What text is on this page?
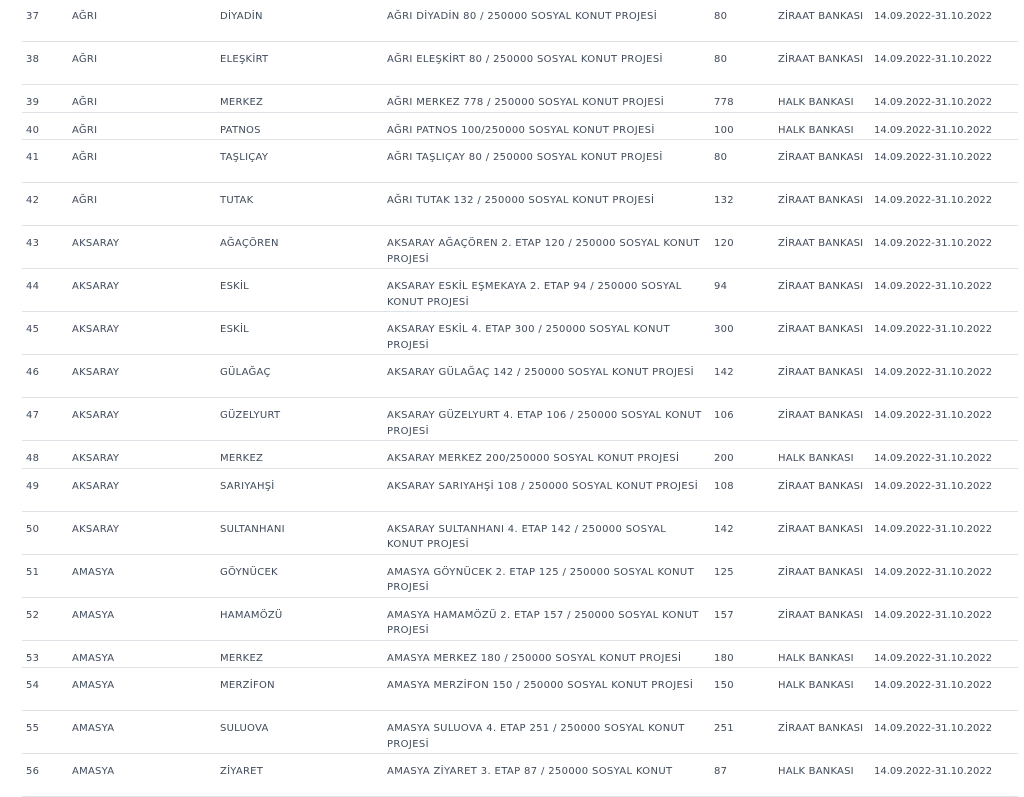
37	AĞRI	DİYADİN	AĞRI DİYADİN 80 / 250000 SOSYAL KONUT PROJESİ	80	ZİRAAT BANKASI	14.09.2022-31.10.2022
38	AĞRI	ELEŞKİRT	AĞRI ELEŞKİRT 80 / 250000 SOSYAL KONUT PROJESİ	80	ZİRAAT BANKASI	14.09.2022-31.10.2022
39	AĞRI	MERKEZ	AĞRI MERKEZ 778 / 250000 SOSYAL KONUT PROJESİ	778	HALK BANKASI	14.09.2022-31.10.2022
40	AĞRI	PATNOS	AĞRI PATNOS 100/250000 SOSYAL KONUT PROJESİ	100	HALK BANKASI	14.09.2022-31.10.2022
41	AĞRI	TAŞLIÇAY	AĞRI TAŞLIÇAY 80 / 250000 SOSYAL KONUT PROJESİ	80	ZİRAAT BANKASI	14.09.2022-31.10.2022
42	AĞRI	TUTAK	AĞRI TUTAK 132 / 250000 SOSYAL KONUT PROJESİ	132	ZİRAAT BANKASI	14.09.2022-31.10.2022
43	AKSARAY	AĞAÇÖREN	AKSARAY AĞAÇÖREN 2. ETAP 120 / 250000 SOSYAL KONUT PROJESİ	120	ZİRAAT BANKASI	14.09.2022-31.10.2022
44	AKSARAY	ESKİL	AKSARAY ESKİL EŞMEKAYA 2. ETAP 94 / 250000 SOSYAL KONUT PROJESİ	94	ZİRAAT BANKASI	14.09.2022-31.10.2022
45	AKSARAY	ESKİL	AKSARAY ESKİL 4. ETAP 300 / 250000 SOSYAL KONUT PROJESİ	300	ZİRAAT BANKASI	14.09.2022-31.10.2022
46	AKSARAY	GÜLAĞAÇ	AKSARAY GÜLAĞAÇ 142 / 250000 SOSYAL KONUT PROJESİ	142	ZİRAAT BANKASI	14.09.2022-31.10.2022
47	AKSARAY	GÜZELYURT	AKSARAY GÜZELYURT 4. ETAP 106 / 250000 SOSYAL KONUT PROJESİ	106	ZİRAAT BANKASI	14.09.2022-31.10.2022
48	AKSARAY	MERKEZ	AKSARAY MERKEZ 200/250000 SOSYAL KONUT PROJESİ	200	HALK BANKASI	14.09.2022-31.10.2022
49	AKSARAY	SARIYAHŞİ	AKSARAY SARIYAHŞİ 108 / 250000 SOSYAL KONUT PROJESİ	108	ZİRAAT BANKASI	14.09.2022-31.10.2022
50	AKSARAY	SULTANHANI	AKSARAY SULTANHANI 4. ETAP 142 / 250000 SOSYAL KONUT PROJESİ	142	ZİRAAT BANKASI	14.09.2022-31.10.2022
51	AMASYA	GÖYNÜCEK	AMASYA GÖYNÜCEK 2. ETAP 125 / 250000 SOSYAL KONUT PROJESİ	125	ZİRAAT BANKASI	14.09.2022-31.10.2022
52	AMASYA	HAMAMÖZÜ	AMASYA HAMAMÖZÜ 2. ETAP 157 / 250000 SOSYAL KONUT PROJESİ	157	ZİRAAT BANKASI	14.09.2022-31.10.2022
53	AMASYA	MERKEZ	AMASYA MERKEZ 180 / 250000 SOSYAL KONUT PROJESİ	180	HALK BANKASI	14.09.2022-31.10.2022
54	AMASYA	MERZİFON	AMASYA MERZİFON 150 / 250000 SOSYAL KONUT PROJESİ	150	HALK BANKASI	14.09.2022-31.10.2022
55	AMASYA	SULUOVA	AMASYA SULUOVA 4. ETAP 251 / 250000 SOSYAL KONUT PROJESİ	251	ZİRAAT BANKASI	14.09.2022-31.10.2022
56	AMASYA	ZİYARET	AMASYA ZİYARET 3. ETAP 87 / 250000 SOSYAL KONUT	87	HALK BANKASI	14.09.2022-31.10.2022
